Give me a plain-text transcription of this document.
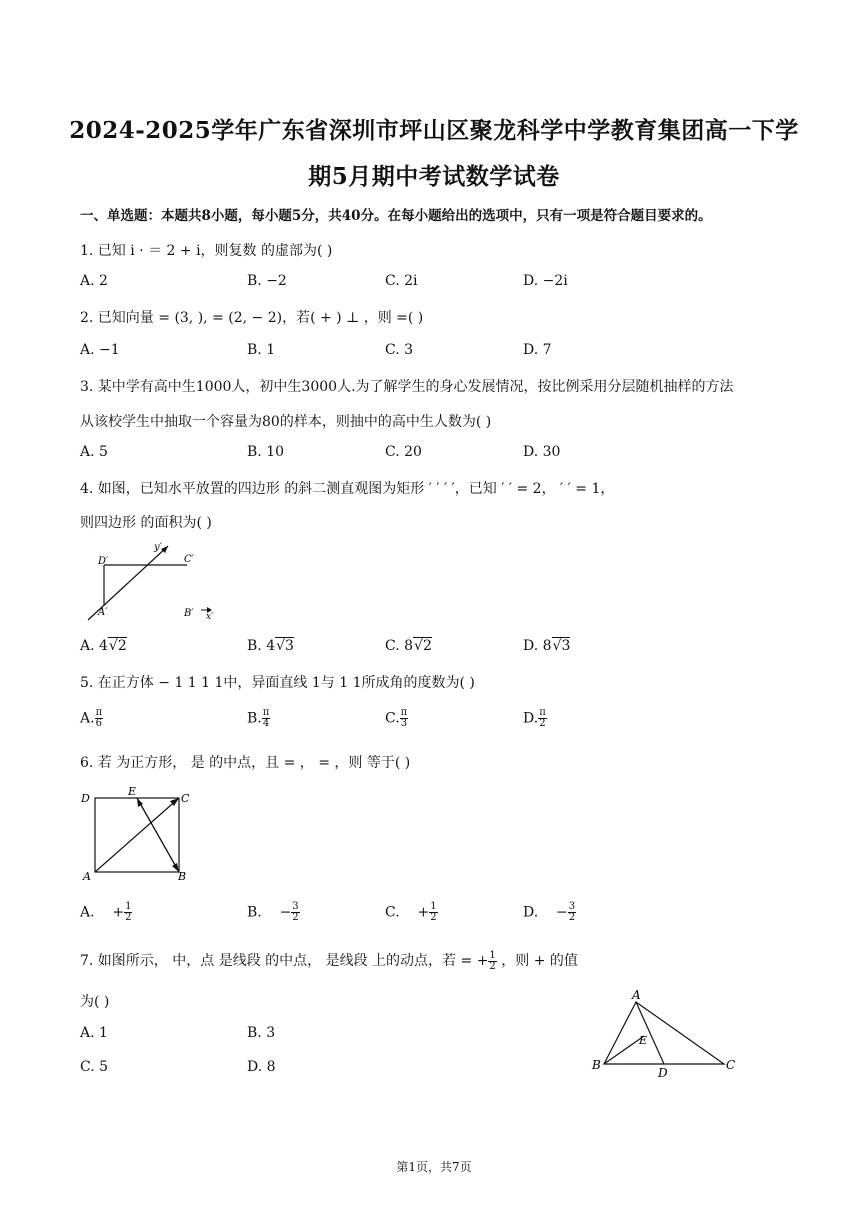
2024-2025学年广东省深圳市坪山区聚龙科学中学教育集团高一下学
期5月期中考试数学试卷
一、单选题：本题共8小题，每小题5分，共40分。在每小题给出的选项中，只有一项是符合题目要求的。
1. 已知 i · ＝ 2 + i，则复数 的虚部为( )
A. 2	B. −2	C. 2i	D. −2i
2. 已知向量 = (3, ), = (2, − 2)，若( + ) ⊥ ，则 =( )
A. −1	B. 1	C. 3	D. 7
3. 某中学有高中生1000人，初中生3000人.为了解学生的身心发展情况，按比例采用分层随机抽样的方法
从该校学生中抽取一个容量为80的样本，则抽中的高中生人数为( )
A. 5	B. 10	C. 20	D. 30
4. 如图，已知水平放置的四边形 的斜二测直观图为矩形 ′ ′ ′ ′，已知 ′ ′ = 2， ′ ′ = 1，
则四边形 的面积为( )
D′
y′
C′
A′	B′ x′
A. 4√2	B. 4√3	C. 8√2	D. 8√3
5. 在正方体 − 1 1 1 1中，异面直线 1与 1 1所成角的度数为( )
A. $\frac{\pi}{6}$	B. $\frac{\pi}{4}$	C. $\frac{\pi}{3}$	D. $\frac{\pi}{2}$
6. 若 为正方形， 是 的中点，且 = ， = ，则 等于( )
D
E
C
A	B
A. + $\frac{1}{2}$	B. − $\frac{3}{2}$	C. + $\frac{1}{2}$	D. − $\frac{3}{2}$
7. 如图所示， 中，点 是线段 的中点， 是线段 上的动点，若 = + $\frac{1}{2}$ ，则 + 的值
为( )
A. 1	B. 3
C. 5	D. 8
A
E
B
D
C
第1页，共7页
